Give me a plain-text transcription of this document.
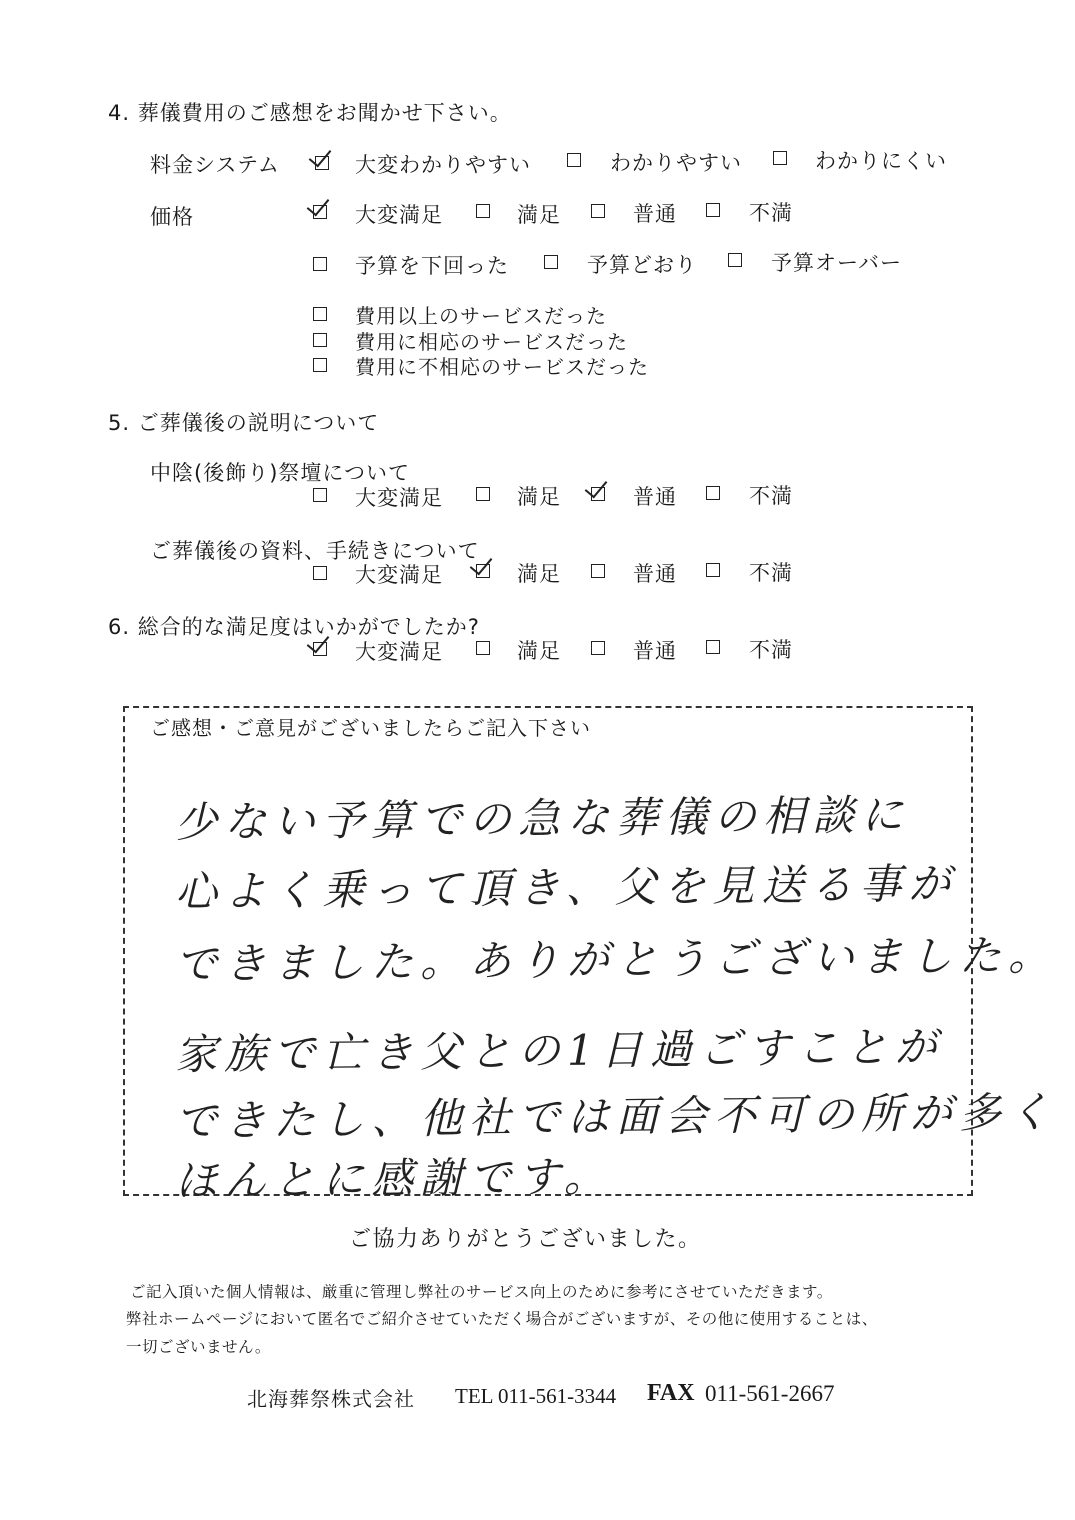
4. 葬儀費用のご感想をお聞かせ下さい。
料金システム	大変わかりやすい	わかりやすい	わかりにくい
価格	大変満足	満足	普通	不満
予算を下回った	予算どおり	予算オーバー
費用以上のサービスだった
費用に相応のサービスだった
費用に不相応のサービスだった
5. ご葬儀後の説明について
中陰(後飾り)祭壇について
大変満足	満足	普通	不満
ご葬儀後の資料、手続きについて
大変満足	満足	普通	不満
6. 総合的な満足度はいかがでしたか?
大変満足	満足	普通	不満
ご感想・ご意見がございましたらご記入下さい
少ない予算での急な葬儀の相談に
心よく乗って頂き、父を見送る事が
できました。ありがとうございました。
家族で亡き父との1日過ごすことが
できたし、他社では面会不可の所が多く
ほんとに感謝です。
ご協力ありがとうございました。
ご記入頂いた個人情報は、厳重に管理し弊社のサービス向上のために参考にさせていただきます。
弊社ホームページにおいて匿名でご紹介させていただく場合がございますが、その他に使用することは、
一切ございません。
北海葬祭株式会社 TEL 011-561-3344 FAX 011-561-2667
